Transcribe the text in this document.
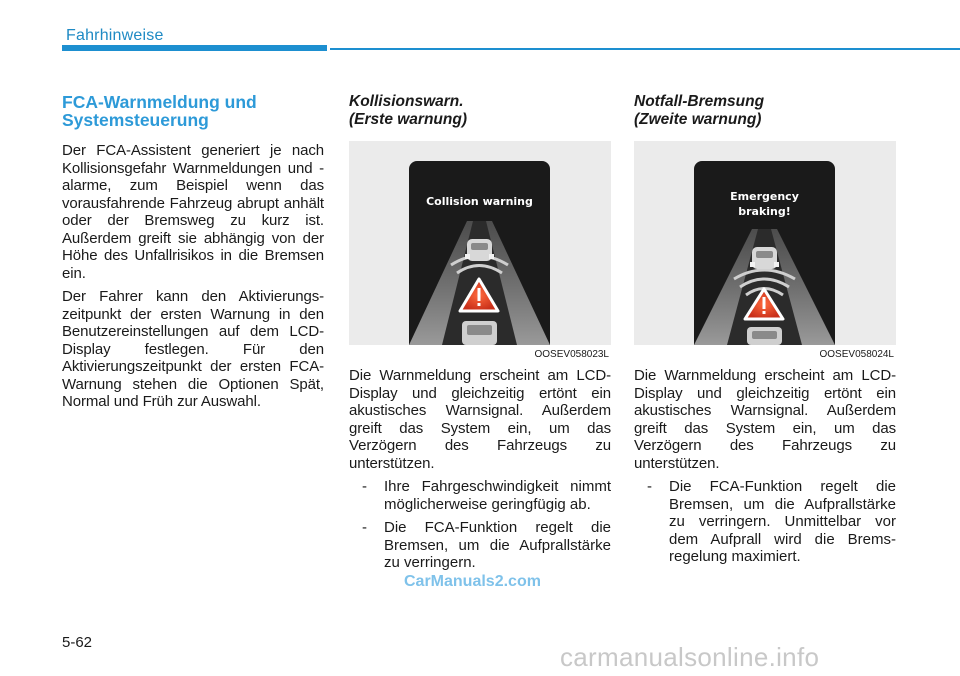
Fahrhinweise
FCA-Warnmeldung und Systemsteuerung

Der FCA-Assistent generiert je nach Kollisionsgefahr Warnmeldungen und -alarme, zum Beispiel wenn das vorausfahrende Fahrzeug abrupt anhält oder der Bremsweg zu kurz ist. Außerdem greift sie abhängig von der Höhe des Unfallrisikos in die Bremsen ein.

Der Fahrer kann den Aktivierungs-zeitpunkt der ersten Warnung in den Benutzereinstellungen auf dem LCD-Display festlegen. Für den Aktivierungszeitpunkt der ersten FCA-Warnung stehen die Optionen Spät, Normal und Früh zur Auswahl.

Kollisionswarn.
(Erste warnung)
Collision warning
OOSEV058023L

Die Warnmeldung erscheint am LCD-Display und gleichzeitig ertönt ein akustisches Warnsignal. Außerdem greift das System ein, um das Verzögern des Fahrzeugs zu unterstützen.

- Ihre Fahrgeschwindigkeit nimmt möglicherweise geringfügig ab.
- Die FCA-Funktion regelt die Bremsen, um die Aufprallstärke zu verringern.
Notfall-Bremsung
(Zweite warnung)
Emergency
braking!
OOSEV058024L

Die Warnmeldung erscheint am LCD-Display und gleichzeitig ertönt ein akustisches Warnsignal. Außerdem greift das System ein, um das Verzögern des Fahrzeugs zu unterstützen.

- Die FCA-Funktion regelt die Bremsen, um die Aufprallstärke zu verringern. Unmittelbar vor dem Aufprall wird die Brems-regelung maximiert.
CarManuals2.com
5-62	carmanualsonline.info
